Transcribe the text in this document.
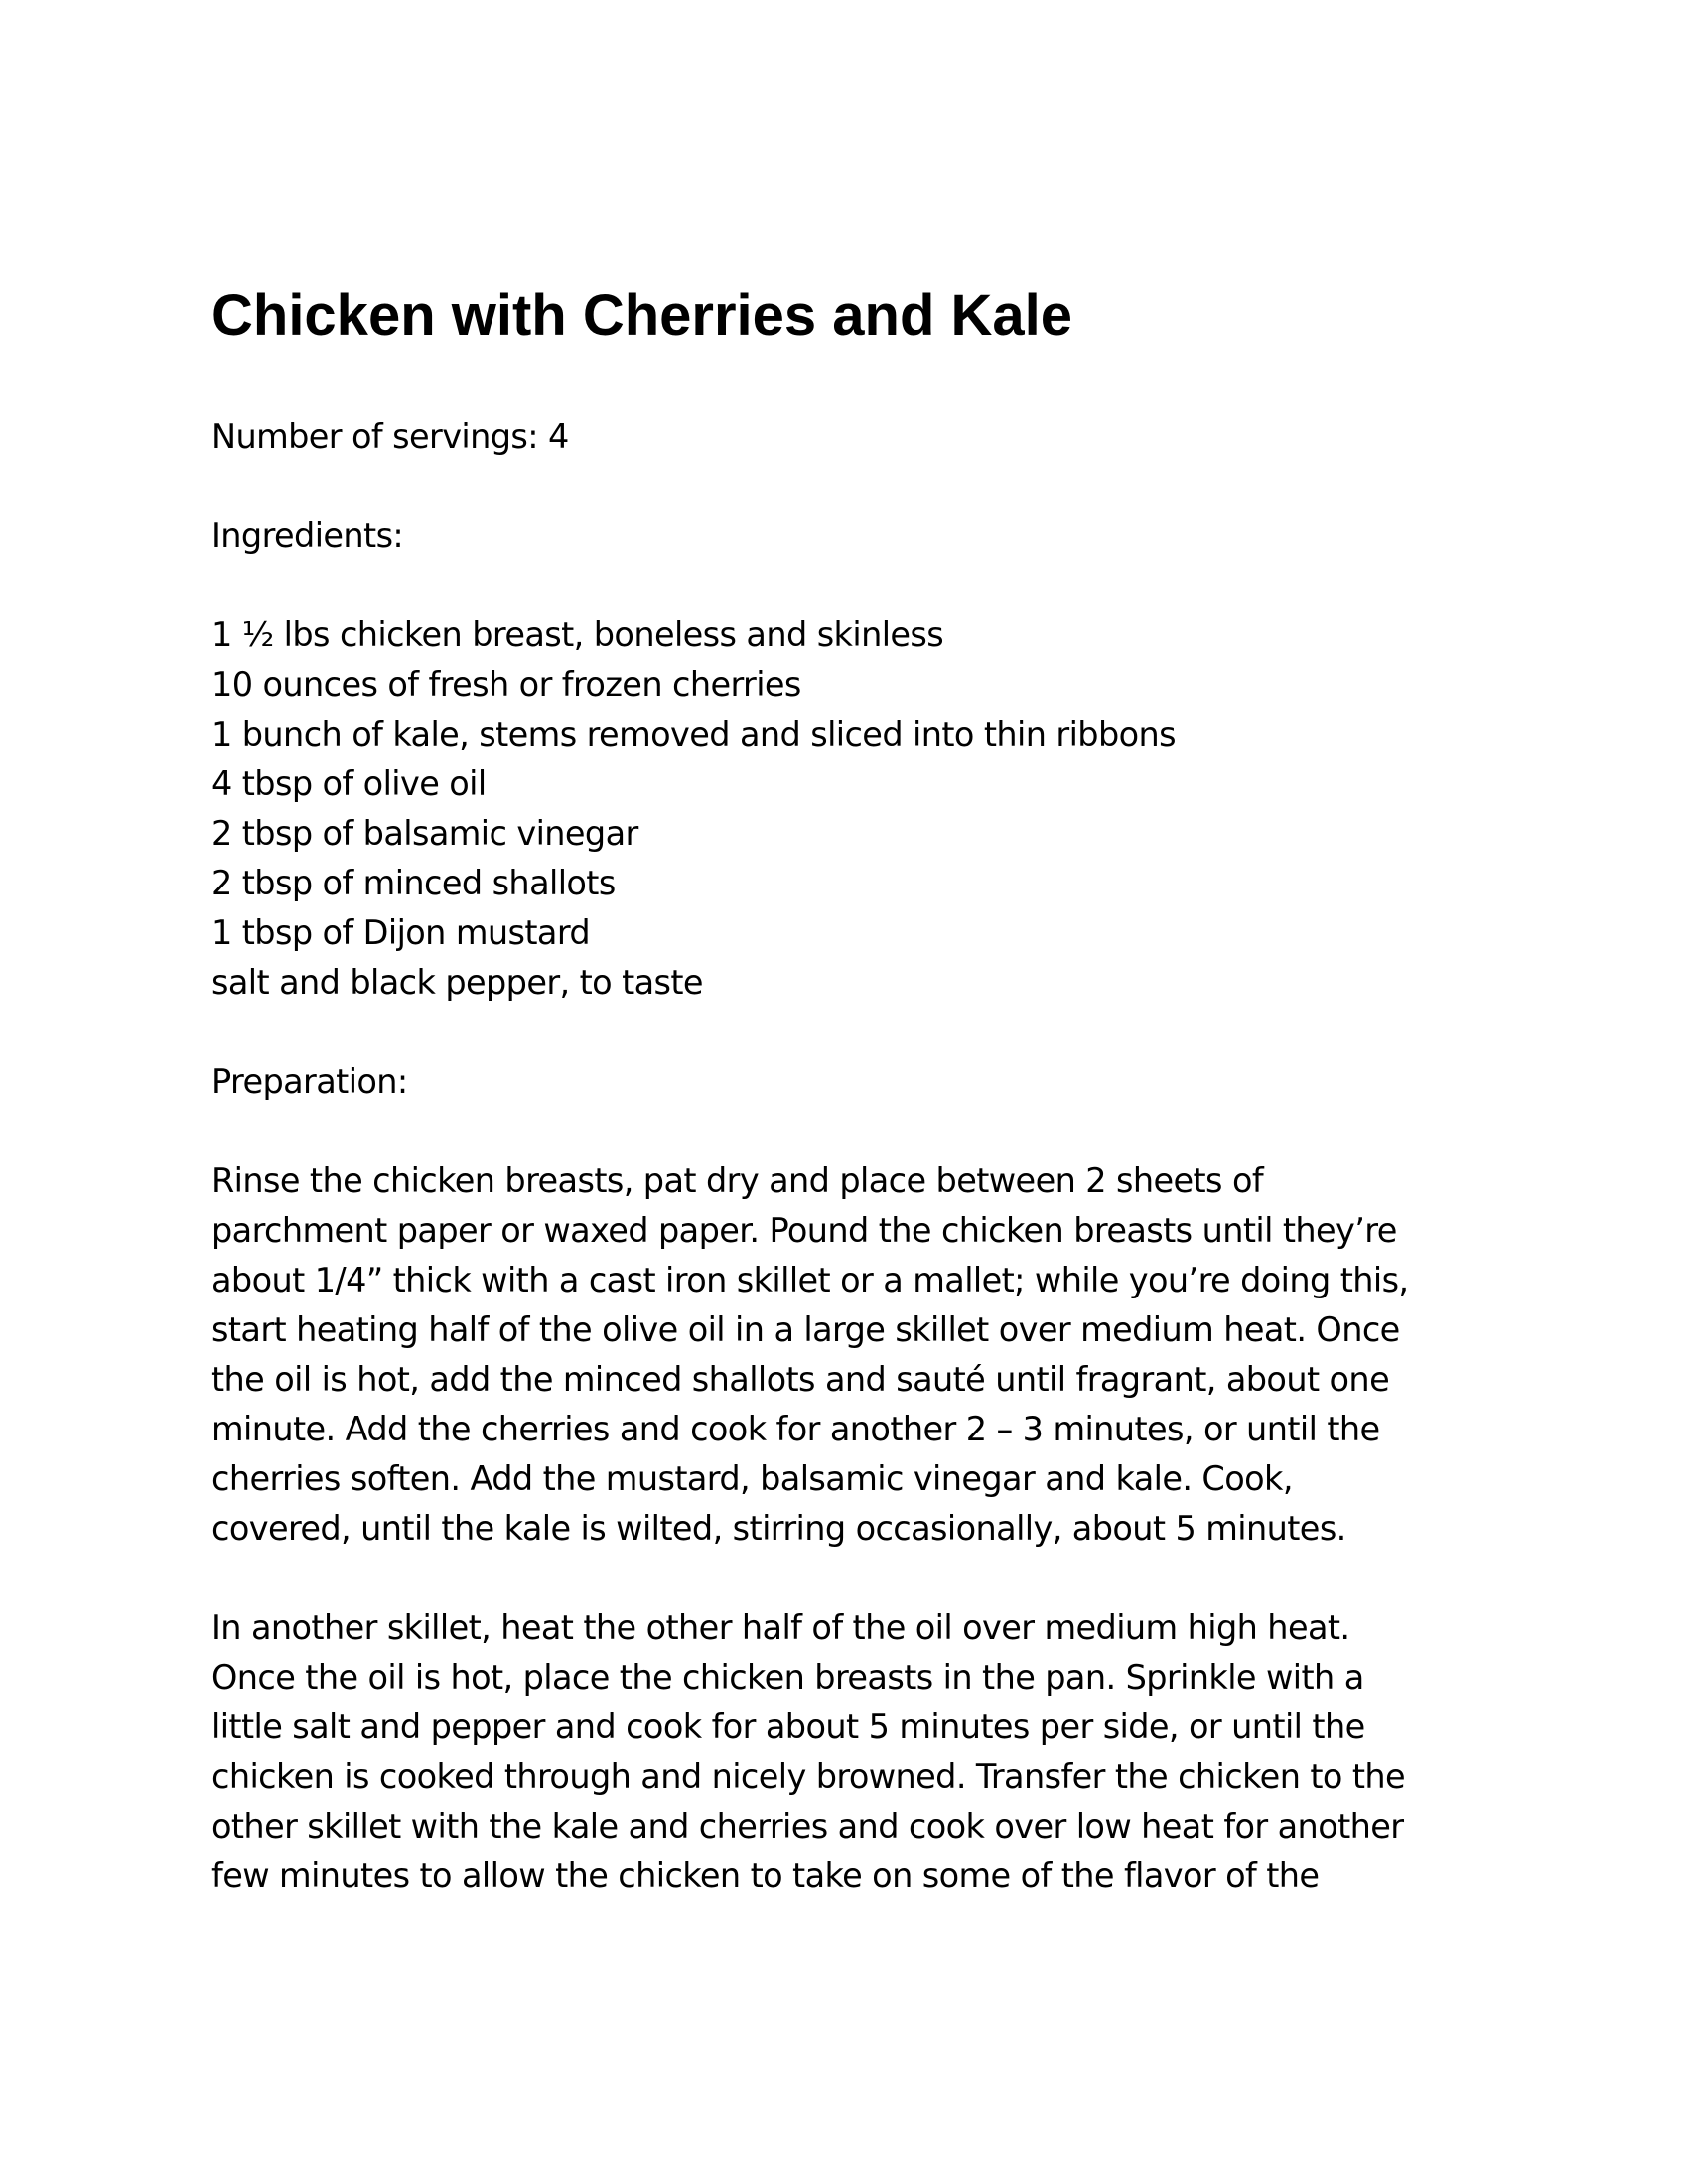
Chicken with Cherries and Kale

Number of servings: 4

Ingredients:

1 ½ lbs chicken breast, boneless and skinless
10 ounces of fresh or frozen cherries
1 bunch of kale, stems removed and sliced into thin ribbons
4 tbsp of olive oil
2 tbsp of balsamic vinegar
2 tbsp of minced shallots
1 tbsp of Dijon mustard
salt and black pepper, to taste

Preparation:

Rinse the chicken breasts, pat dry and place between 2 sheets of
parchment paper or waxed paper. Pound the chicken breasts until they’re
about 1/4” thick with a cast iron skillet or a mallet; while you’re doing this,
start heating half of the olive oil in a large skillet over medium heat. Once
the oil is hot, add the minced shallots and sauté until fragrant, about one
minute. Add the cherries and cook for another 2 – 3 minutes, or until the
cherries soften. Add the mustard, balsamic vinegar and kale. Cook,
covered, until the kale is wilted, stirring occasionally, about 5 minutes.
In another skillet, heat the other half of the oil over medium high heat.
Once the oil is hot, place the chicken breasts in the pan. Sprinkle with a
little salt and pepper and cook for about 5 minutes per side, or until the
chicken is cooked through and nicely browned. Transfer the chicken to the
other skillet with the kale and cherries and cook over low heat for another
few minutes to allow the chicken to take on some of the flavor of the
